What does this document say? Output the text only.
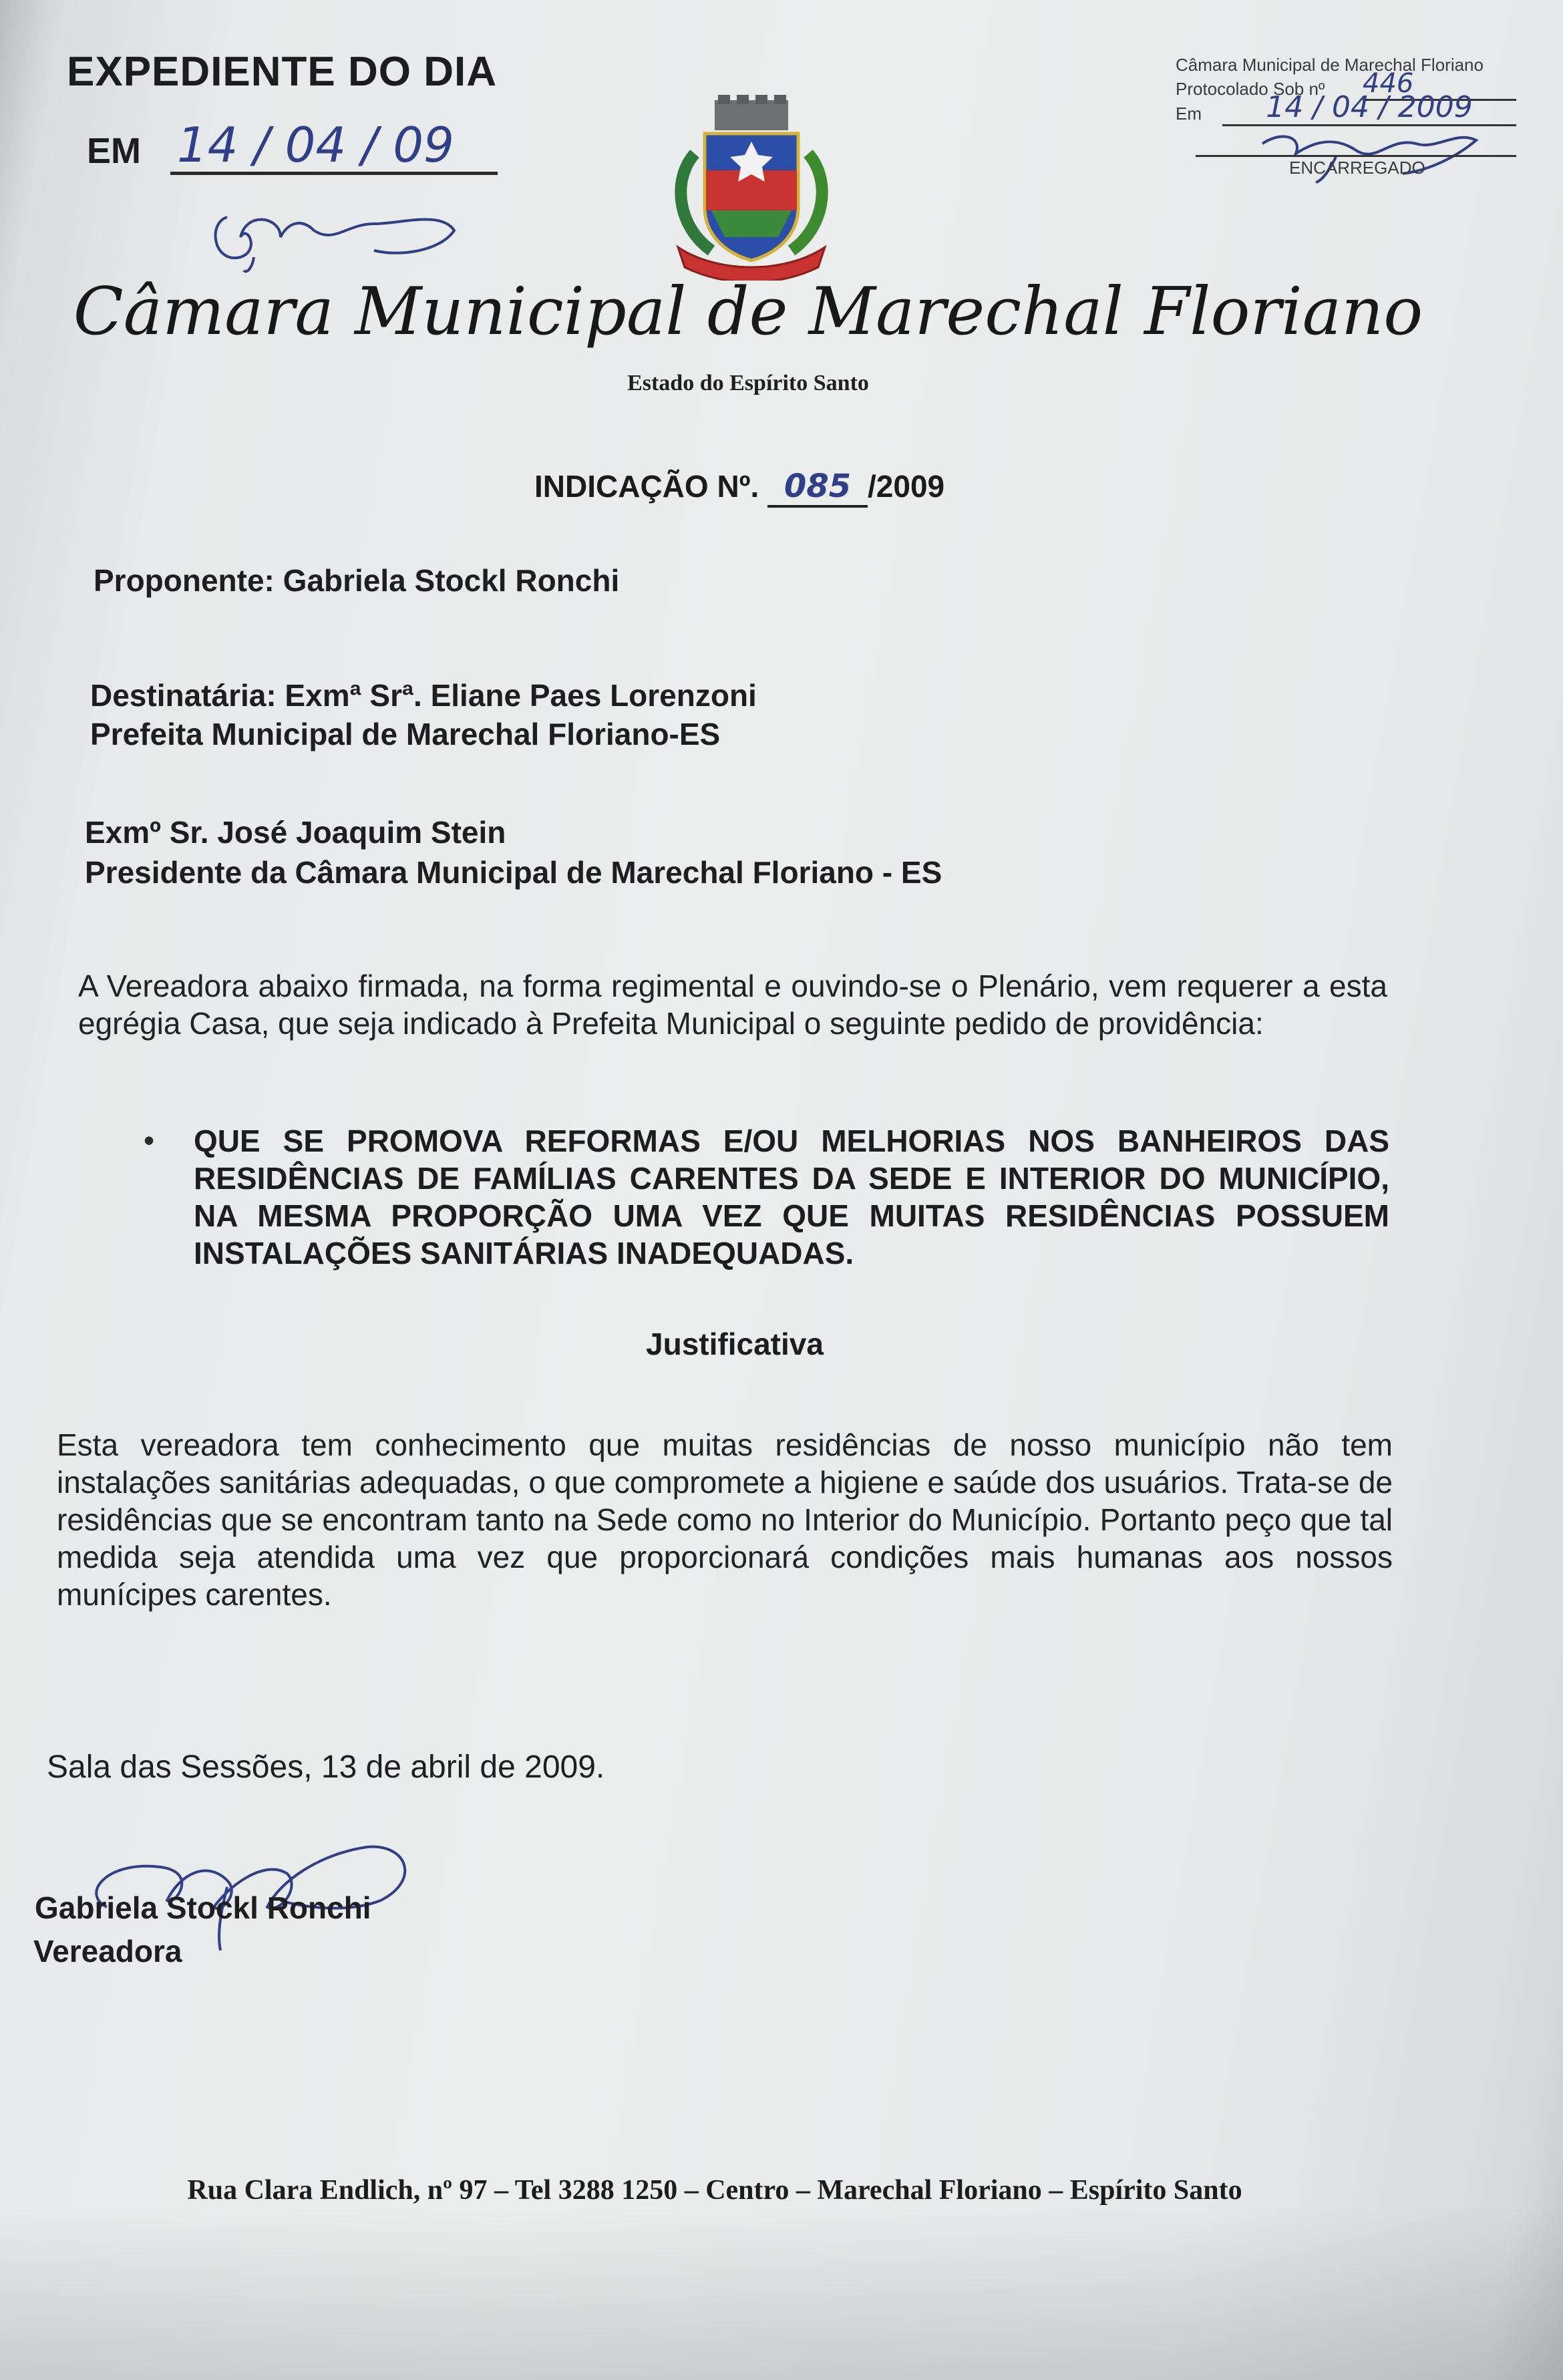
EXPEDIENTE DO DIA
EM 14 / 04 / 09
Câmara Municipal de Marechal Floriano
Protocolado Sob nº 446
Em	14 / 04 / 2009
ENCARREGADO
Câmara Municipal de Marechal Floriano
Estado do Espírito Santo
INDICAÇÃO Nº. 085 /2009
Proponente: Gabriela Stockl Ronchi
Destinatária: Exmª Srª. Eliane Paes Lorenzoni
Prefeita Municipal de Marechal Floriano-ES
Exmº Sr. José Joaquim Stein
Presidente da Câmara Municipal de Marechal Floriano - ES
A Vereadora abaixo firmada, na forma regimental e ouvindo-se o Plenário, vem requerer a esta egrégia Casa, que seja indicado à Prefeita Municipal o seguinte pedido de providência:
• QUE SE PROMOVA REFORMAS E/OU MELHORIAS NOS BANHEIROS DAS RESIDÊNCIAS DE FAMÍLIAS CARENTES DA SEDE E INTERIOR DO MUNICÍPIO, NA MESMA PROPORÇÃO UMA VEZ QUE MUITAS RESIDÊNCIAS POSSUEM INSTALAÇÕES SANITÁRIAS INADEQUADAS.
Justificativa
Esta vereadora tem conhecimento que muitas residências de nosso município não tem instalações sanitárias adequadas, o que compromete a higiene e saúde dos usuários. Trata-se de residências que se encontram tanto na Sede como no Interior do Município. Portanto peço que tal medida seja atendida uma vez que proporcionará condições mais humanas aos nossos munícipes carentes.
Sala das Sessões, 13 de abril de 2009.
Gabriela Stockl Ronchi
Vereadora
Rua Clara Endlich, nº 97 – Tel 3288 1250 – Centro – Marechal Floriano – Espírito Santo
